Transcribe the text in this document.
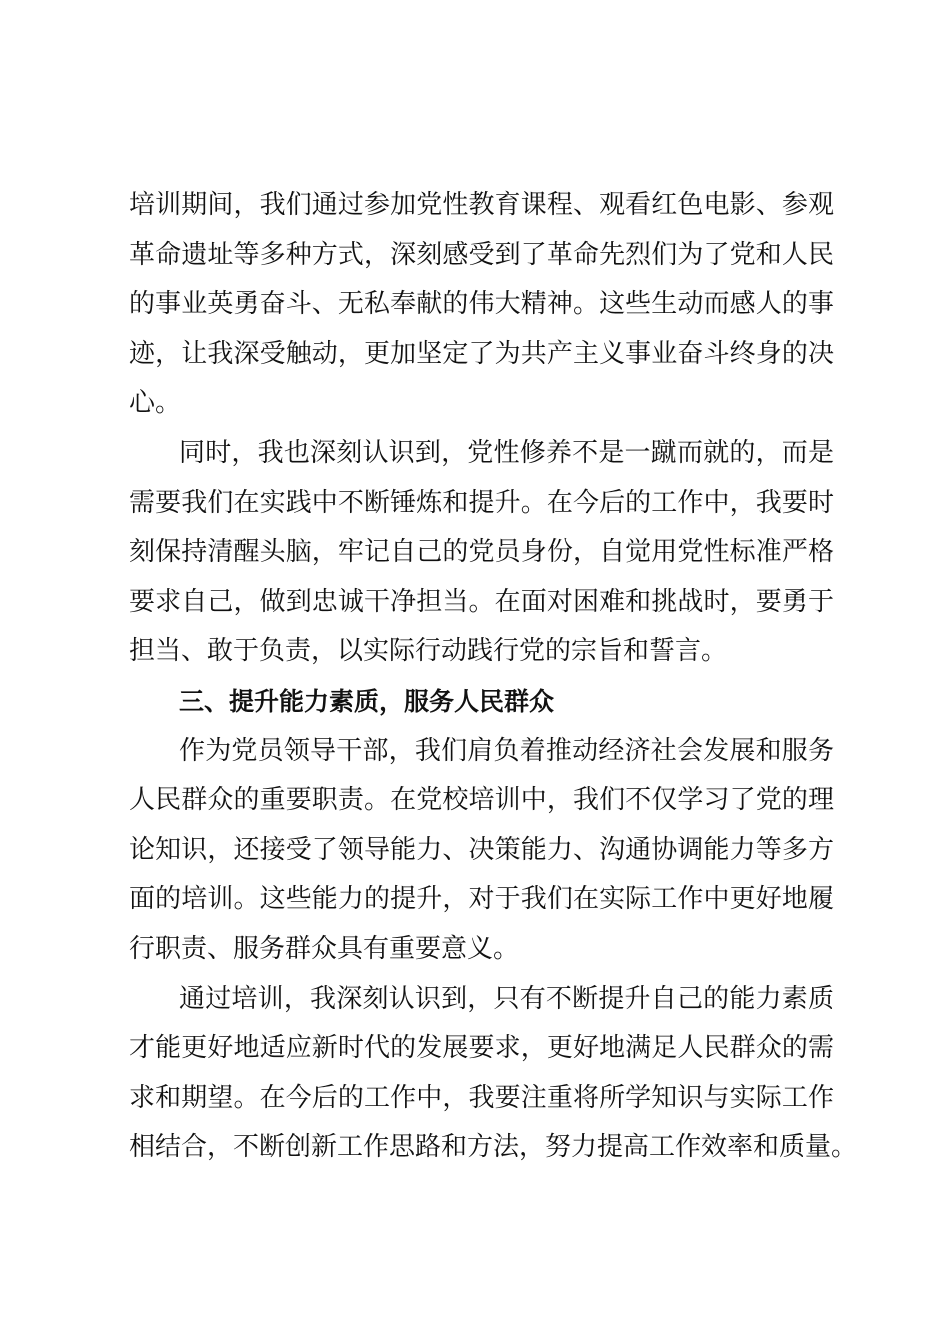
培训期间，我们通过参加党性教育课程、观看红色电影、参观
革命遗址等多种方式，深刻感受到了革命先烈们为了党和人民
的事业英勇奋斗、无私奉献的伟大精神。这些生动而感人的事
迹，让我深受触动，更加坚定了为共产主义事业奋斗终身的决
心。
同时，我也深刻认识到，党性修养不是一蹴而就的，而是
需要我们在实践中不断锤炼和提升。在今后的工作中，我要时
刻保持清醒头脑，牢记自己的党员身份，自觉用党性标准严格
要求自己，做到忠诚干净担当。在面对困难和挑战时，要勇于
担当、敢于负责，以实际行动践行党的宗旨和誓言。
三、提升能力素质，服务人民群众
作为党员领导干部，我们肩负着推动经济社会发展和服务
人民群众的重要职责。在党校培训中，我们不仅学习了党的理
论知识，还接受了领导能力、决策能力、沟通协调能力等多方
面的培训。这些能力的提升，对于我们在实际工作中更好地履
行职责、服务群众具有重要意义。
通过培训，我深刻认识到，只有不断提升自己的能力素质
才能更好地适应新时代的发展要求，更好地满足人民群众的需
求和期望。在今后的工作中，我要注重将所学知识与实际工作
相结合，不断创新工作思路和方法，努力提高工作效率和质量。
